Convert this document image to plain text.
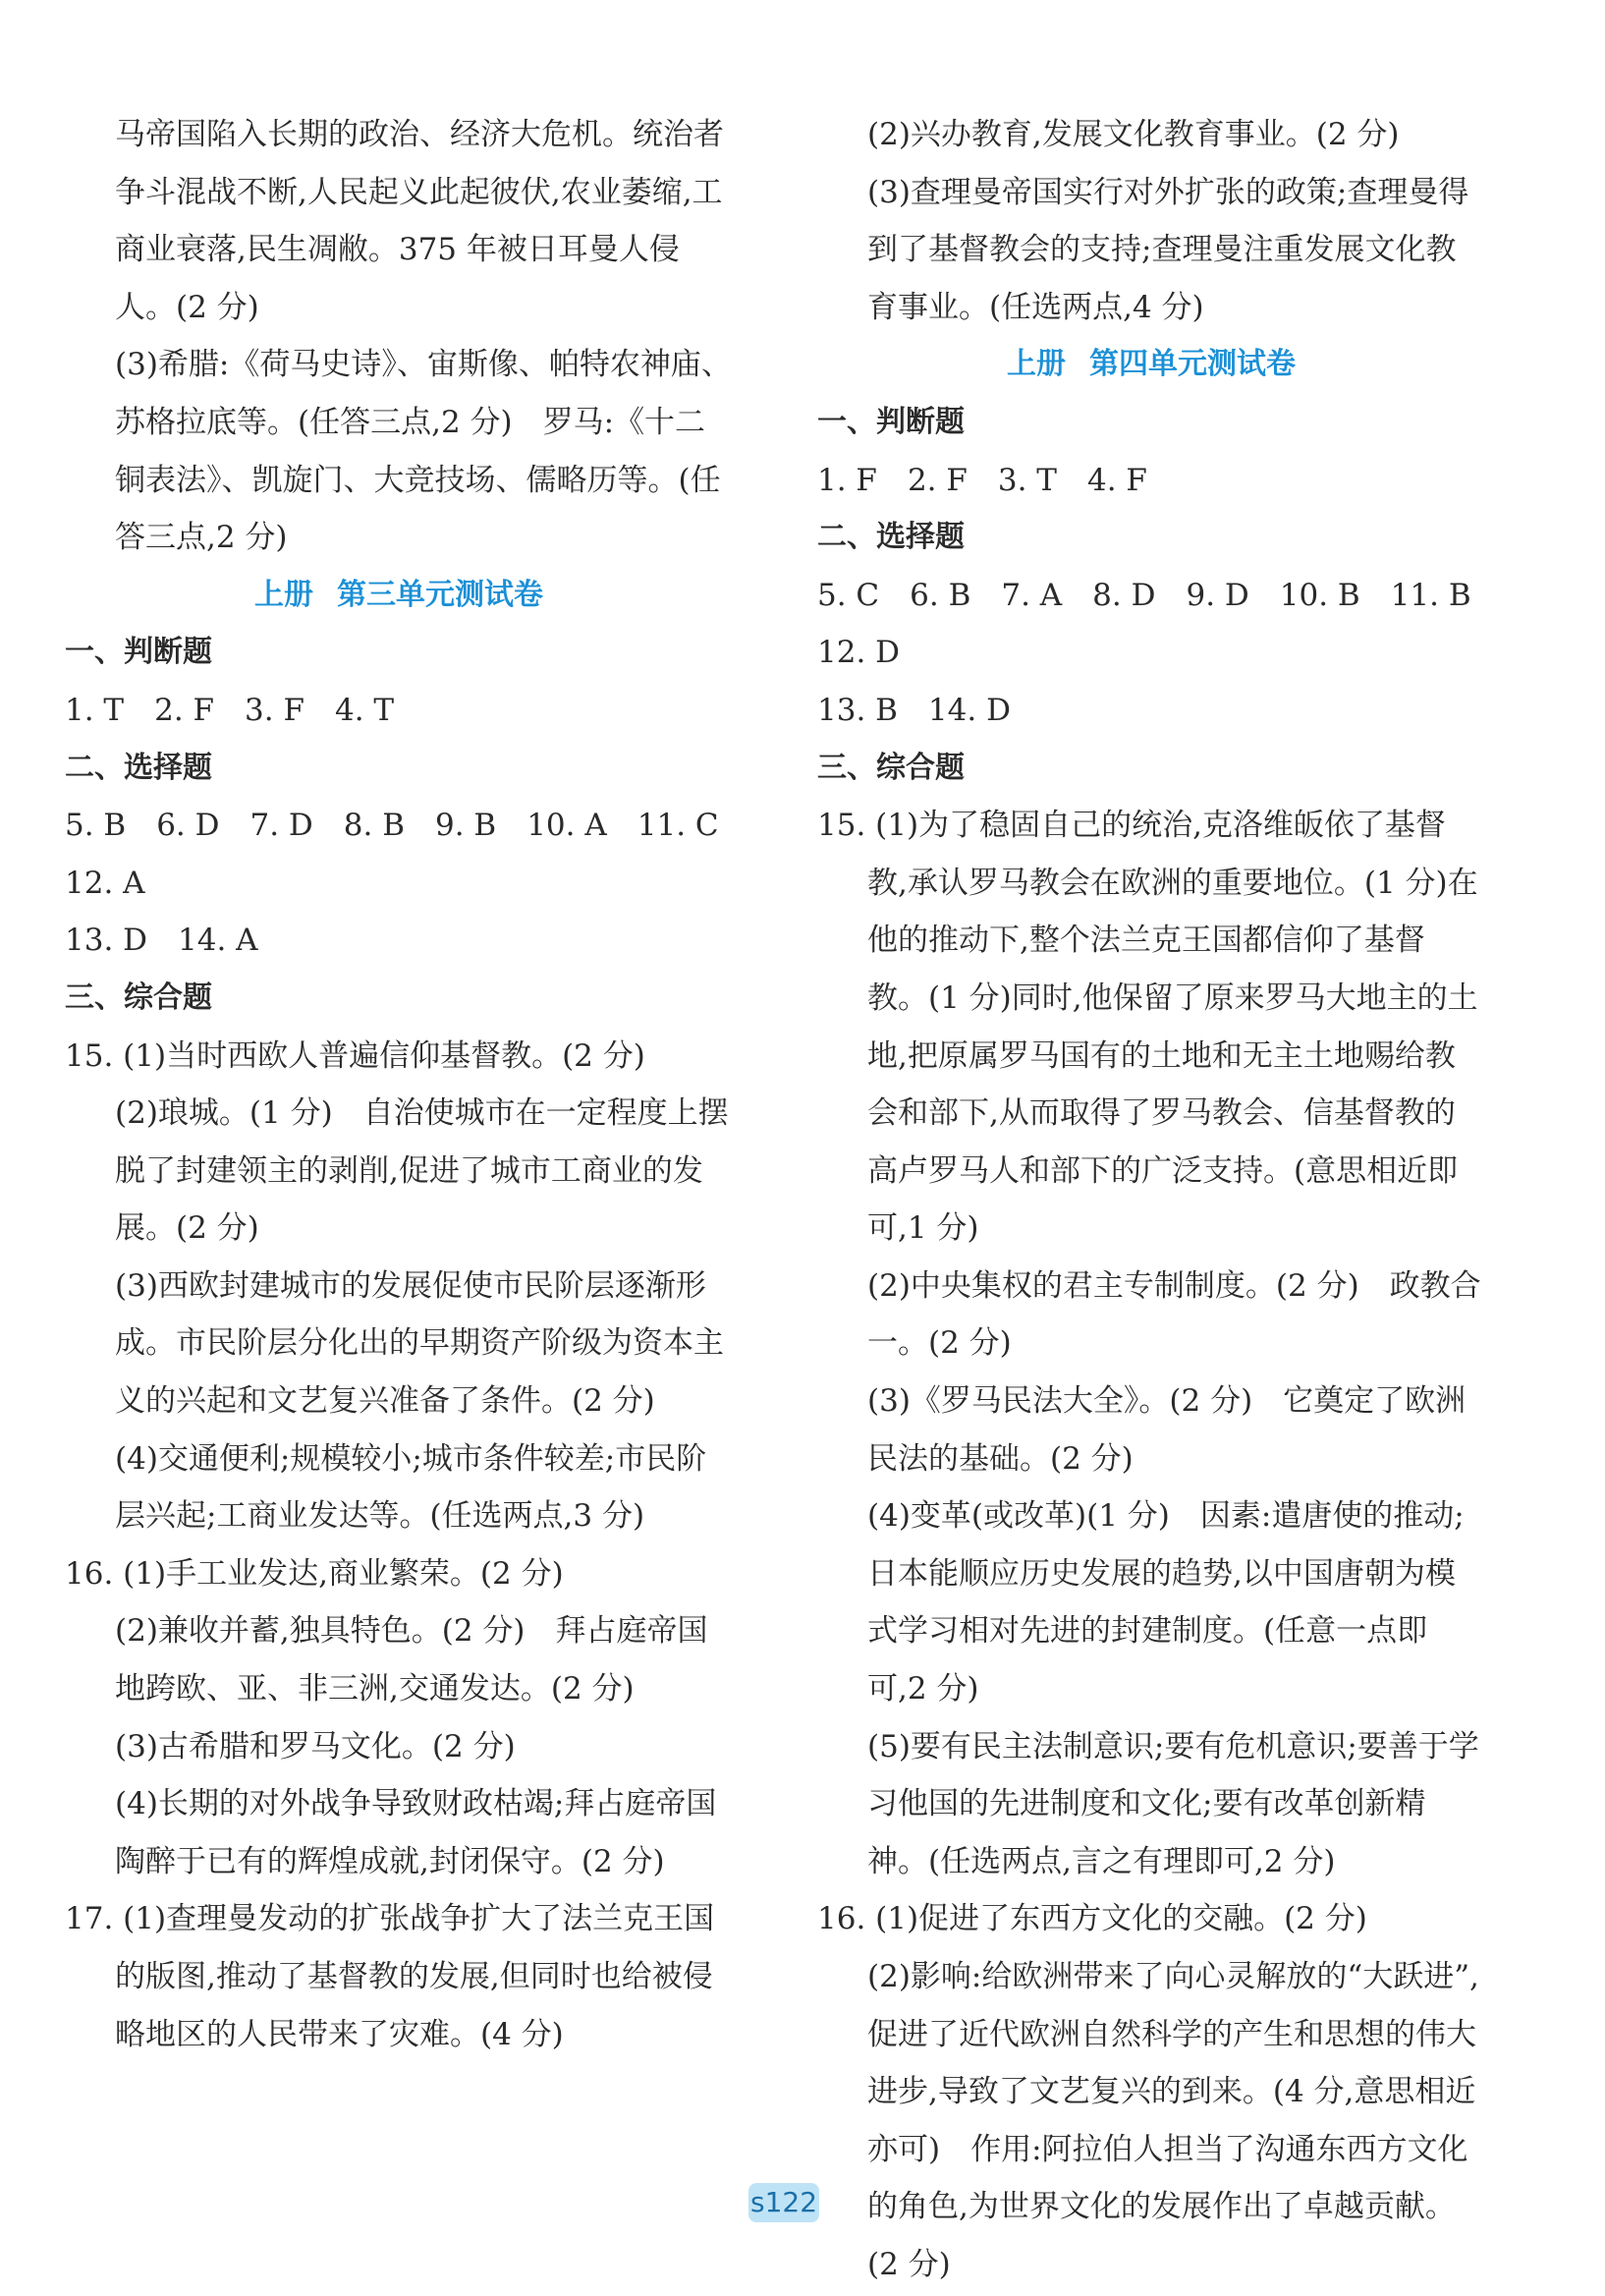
马帝国陷入长期的政治、经济大危机。统治者争斗混战不断,人民起义此起彼伏,农业萎缩,工商业衰落,民生凋敝。375 年被日耳曼人侵人。(2 分)

(3)希腊:《荷马史诗》、宙斯像、帕特农神庙、苏格拉底等。(任答三点,2 分)　罗马:《十二铜表法》、凯旋门、大竞技场、儒略历等。(任答三点,2 分)

上册 第三单元测试卷

一、判断题

1. T　2. F　3. F　4. T

二、选择题

5. B　6. D　7. D　8. B　9. B　10. A　11. C　12. A

13. D　14. A

三、综合题

15. (1)当时西欧人普遍信仰基督教。(2 分)

(2)琅城。(1 分)　自治使城市在一定程度上摆脱了封建领主的剥削,促进了城市工商业的发展。(2 分)

(3)西欧封建城市的发展促使市民阶层逐渐形成。市民阶层分化出的早期资产阶级为资本主义的兴起和文艺复兴准备了条件。(2 分)

(4)交通便利;规模较小;城市条件较差;市民阶层兴起;工商业发达等。(任选两点,3 分)

16. (1)手工业发达,商业繁荣。(2 分)

(2)兼收并蓄,独具特色。(2 分)　拜占庭帝国地跨欧、亚、非三洲,交通发达。(2 分)

(3)古希腊和罗马文化。(2 分)

(4)长期的对外战争导致财政枯竭;拜占庭帝国陶醉于已有的辉煌成就,封闭保守。(2 分)

17. (1)查理曼发动的扩张战争扩大了法兰克王国的版图,推动了基督教的发展,但同时也给被侵略地区的人民带来了灾难。(4 分)

(2)兴办教育,发展文化教育事业。(2 分)

(3)查理曼帝国实行对外扩张的政策;查理曼得到了基督教会的支持;查理曼注重发展文化教育事业。(任选两点,4 分)

上册 第四单元测试卷

一、判断题

1. F　2. F　3. T　4. F

二、选择题

5. C　6. B　7. A　8. D　9. D　10. B　11. B　12. D

13. B　14. D

三、综合题

15. (1)为了稳固自己的统治,克洛维皈依了基督教,承认罗马教会在欧洲的重要地位。(1 分)在他的推动下,整个法兰克王国都信仰了基督教。(1 分)同时,他保留了原来罗马大地主的土地,把原属罗马国有的土地和无主土地赐给教会和部下,从而取得了罗马教会、信基督教的高卢罗马人和部下的广泛支持。(意思相近即可,1 分)

(2)中央集权的君主专制制度。(2 分)　政教合一。(2 分)

(3)《罗马民法大全》。(2 分)　它奠定了欧洲民法的基础。(2 分)

(4)变革(或改革)(1 分)　因素:遣唐使的推动;日本能顺应历史发展的趋势,以中国唐朝为模式学习相对先进的封建制度。(任意一点即可,2 分)

(5)要有民主法制意识;要有危机意识;要善于学习他国的先进制度和文化;要有改革创新精神。(任选两点,言之有理即可,2 分)

16. (1)促进了东西方文化的交融。(2 分)

(2)影响:给欧洲带来了向心灵解放的“大跃进”,促进了近代欧洲自然科学的产生和思想的伟大进步,导致了文艺复兴的到来。(4 分,意思相近亦可)　作用:阿拉伯人担当了沟通东西方文化的角色,为世界文化的发展作出了卓越贡献。(2 分)

s122
